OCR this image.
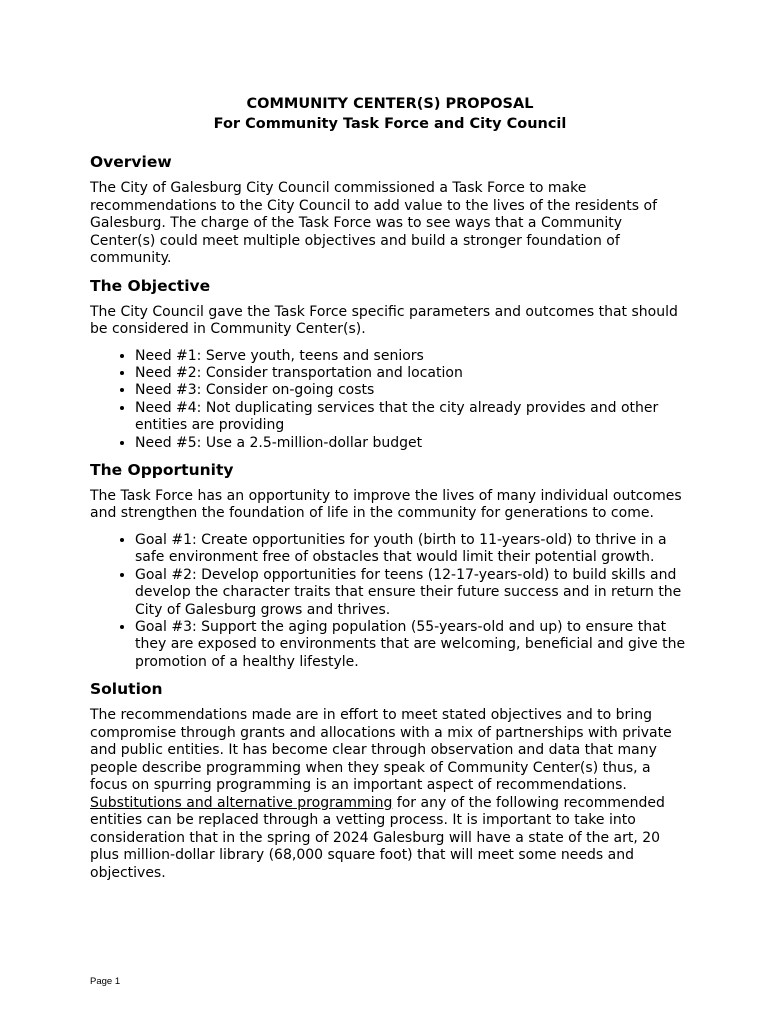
COMMUNITY CENTER(S) PROPOSAL
For Community Task Force and City Council
Overview

The City of Galesburg City Council commissioned a Task Force to make recommendations to the City Council to add value to the lives of the residents of Galesburg. The charge of the Task Force was to see ways that a Community Center(s) could meet multiple objectives and build a stronger foundation of community.

The Objective

The City Council gave the Task Force specific parameters and outcomes that should be considered in Community Center(s).

• Need #1: Serve youth, teens and seniors
• Need #2: Consider transportation and location
• Need #3: Consider on-going costs
• Need #4: Not duplicating services that the city already provides and other entities are providing
• Need #5: Use a 2.5-million-dollar budget
The Opportunity

The Task Force has an opportunity to improve the lives of many individual outcomes and strengthen the foundation of life in the community for generations to come.

• Goal #1: Create opportunities for youth (birth to 11-years-old) to thrive in a safe environment free of obstacles that would limit their potential growth.
• Goal #2: Develop opportunities for teens (12-17-years-old) to build skills and develop the character traits that ensure their future success and in return the City of Galesburg grows and thrives.
• Goal #3: Support the aging population (55-years-old and up) to ensure that they are exposed to environments that are welcoming, beneficial and give the promotion of a healthy lifestyle.
Solution

The recommendations made are in effort to meet stated objectives and to bring compromise through grants and allocations with a mix of partnerships with private and public entities. It has become clear through observation and data that many people describe programming when they speak of Community Center(s) thus, a focus on spurring programming is an important aspect of recommendations.
Substitutions and alternative programming for any of the following recommended entities can be replaced through a vetting process. It is important to take into consideration that in the spring of 2024 Galesburg will have a state of the art, 20 plus million-dollar library (68,000 square foot) that will meet some needs and objectives.

Page 1
